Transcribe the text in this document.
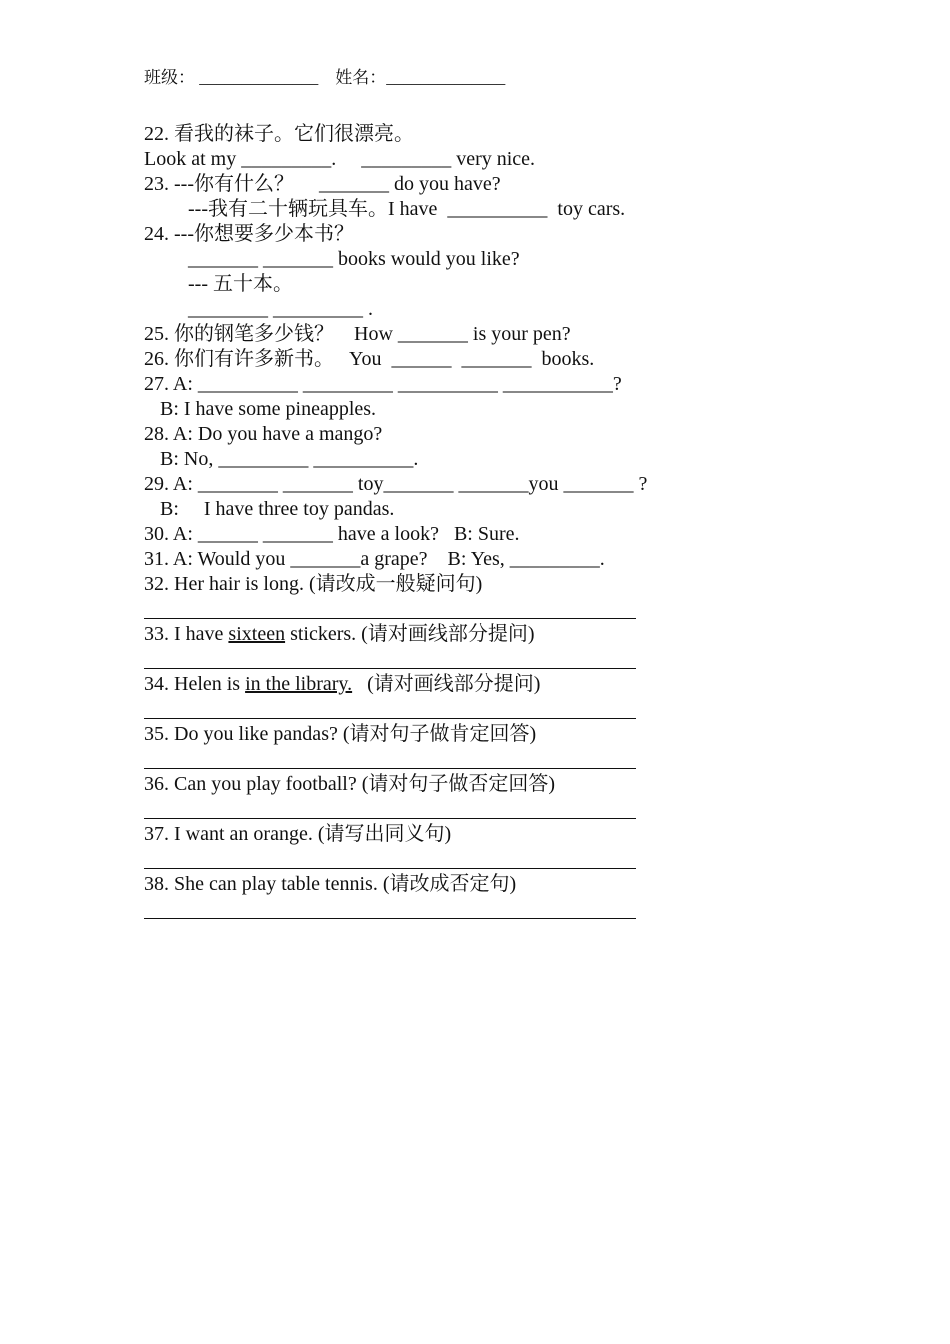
班级： ______________ 姓名：______________
22. 看我的袜子。它们很漂亮。
Look at my _________.     _________ very nice.
23. ---你有什么？     _______ do you have?
---我有二十辆玩具车。I have  __________  toy cars.
24. ---你想要多少本书？
_______ _______ books would you like?
--- 五十本。
________ _________ .
25. 你的钢笔多少钱？    How _______ is your pen?
26. 你们有许多新书。   You  ______  _______  books.
27. A: __________ _________ __________ ___________?
B: I have some pineapples.
28. A: Do you have a mango?
B: No, _________ __________.
29. A: ________ _______ toy_______ _______you _______ ?
B:     I have three toy pandas.
30. A: ______ _______ have a look?   B: Sure.
31. A: Would you _______a grape?    B: Yes, _________.
32. Her hair is long. (请改成一般疑问句)
33. I have sixteen stickers. (请对画线部分提问)
34. Helen is in the library.   (请对画线部分提问)
35. Do you like pandas? (请对句子做肯定回答)
36. Can you play football? (请对句子做否定回答)
37. I want an orange. (请写出同义句)
38. She can play table tennis. (请改成否定句)
